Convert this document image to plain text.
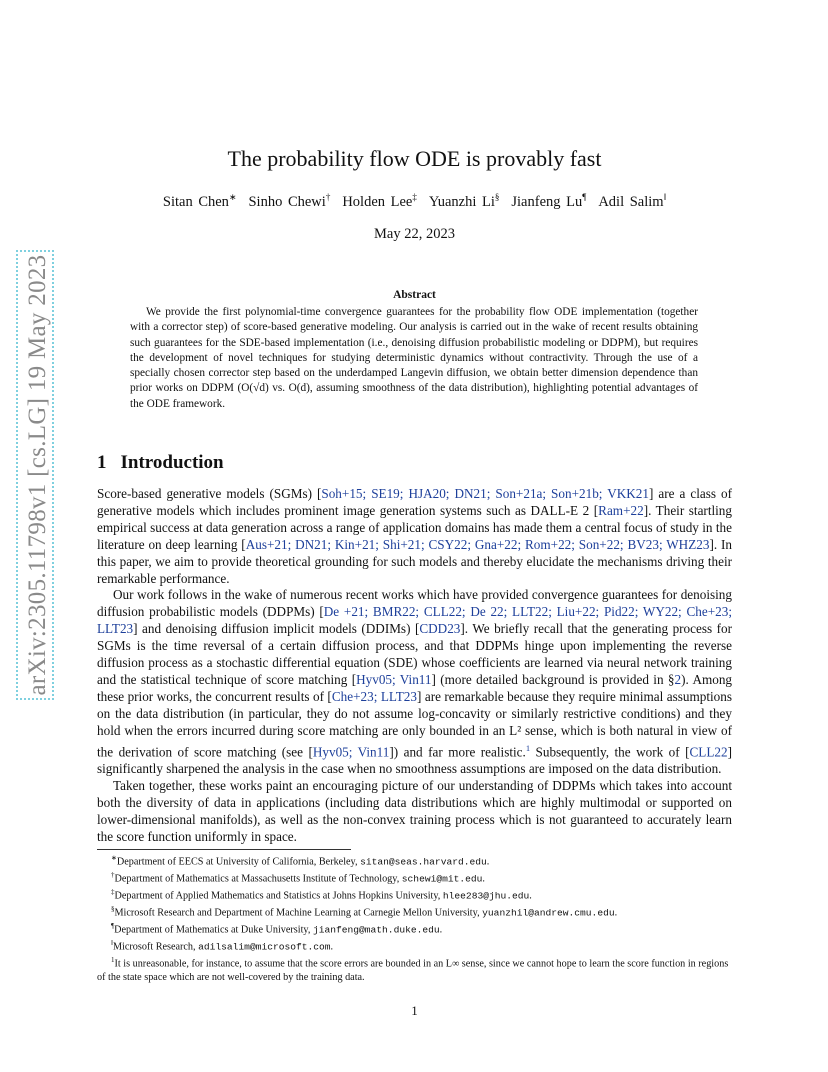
arXiv:2305.11798v1 [cs.LG] 19 May 2023
The probability flow ODE is provably fast
Sitan Chen∗ Sinho Chewi† Holden Lee‡ Yuanzhi Li§ Jianfeng Lu¶ Adil Salim‖
May 22, 2023
Abstract

We provide the first polynomial-time convergence guarantees for the probability flow ODE implementation (together with a corrector step) of score-based generative modeling. Our analysis is carried out in the wake of recent results obtaining such guarantees for the SDE-based implementation (i.e., denoising diffusion probabilistic modeling or DDPM), but requires the development of novel techniques for studying deterministic dynamics without contractivity. Through the use of a specially chosen corrector step based on the underdamped Langevin diffusion, we obtain better dimension dependence than prior works on DDPM (O(√d) vs. O(d), assuming smoothness of the data distribution), highlighting potential advantages of the ODE framework.

1 Introduction

Score-based generative models (SGMs) [Soh+15; SE19; HJA20; DN21; Son+21a; Son+21b; VKK21] are a class of generative models which includes prominent image generation systems such as DALL-E 2 [Ram+22]. Their startling empirical success at data generation across a range of application domains has made them a central focus of study in the literature on deep learning [Aus+21; DN21; Kin+21; Shi+21; CSY22; Gna+22; Rom+22; Son+22; BV23; WHZ23]. In this paper, we aim to provide theoretical grounding for such models and thereby elucidate the mechanisms driving their remarkable performance.

Our work follows in the wake of numerous recent works which have provided convergence guarantees for denoising diffusion probabilistic models (DDPMs) [De +21; BMR22; CLL22; De 22; LLT22; Liu+22; Pid22; WY22; Che+23; LLT23] and denoising diffusion implicit models (DDIMs) [CDD23]. We briefly recall that the generating process for SGMs is the time reversal of a certain diffusion process, and that DDPMs hinge upon implementing the reverse diffusion process as a stochastic differential equation (SDE) whose coefficients are learned via neural network training and the statistical technique of score matching [Hyv05; Vin11] (more detailed background is provided in §2). Among these prior works, the concurrent results of [Che+23; LLT23] are remarkable because they require minimal assumptions on the data distribution (in particular, they do not assume log-concavity or similarly restrictive conditions) and they hold when the errors incurred during score matching are only bounded in an L² sense, which is both natural in view of the derivation of score matching (see [Hyv05; Vin11]) and far more realistic.$^1$ Subsequently, the work of [CLL22] significantly sharpened the analysis in the case when no smoothness assumptions are imposed on the data distribution.

Taken together, these works paint an encouraging picture of our understanding of DDPMs which takes into account both the diversity of data in applications (including data distributions which are highly multimodal or supported on lower-dimensional manifolds), as well as the non-convex training process which is not guaranteed to accurately learn the score function uniformly in space.

∗Department of EECS at University of California, Berkeley, sitan@seas.harvard.edu.

†Department of Mathematics at Massachusetts Institute of Technology, schewi@mit.edu.

‡Department of Applied Mathematics and Statistics at Johns Hopkins University, hlee283@jhu.edu.

§Microsoft Research and Department of Machine Learning at Carnegie Mellon University, yuanzhil@andrew.cmu.edu.

¶Department of Mathematics at Duke University, jianfeng@math.duke.edu.

‖Microsoft Research, adilsalim@microsoft.com.

$^1$It is unreasonable, for instance, to assume that the score errors are bounded in an L∞ sense, since we cannot hope to learn the score function in regions of the state space which are not well-covered by the training data.

1
